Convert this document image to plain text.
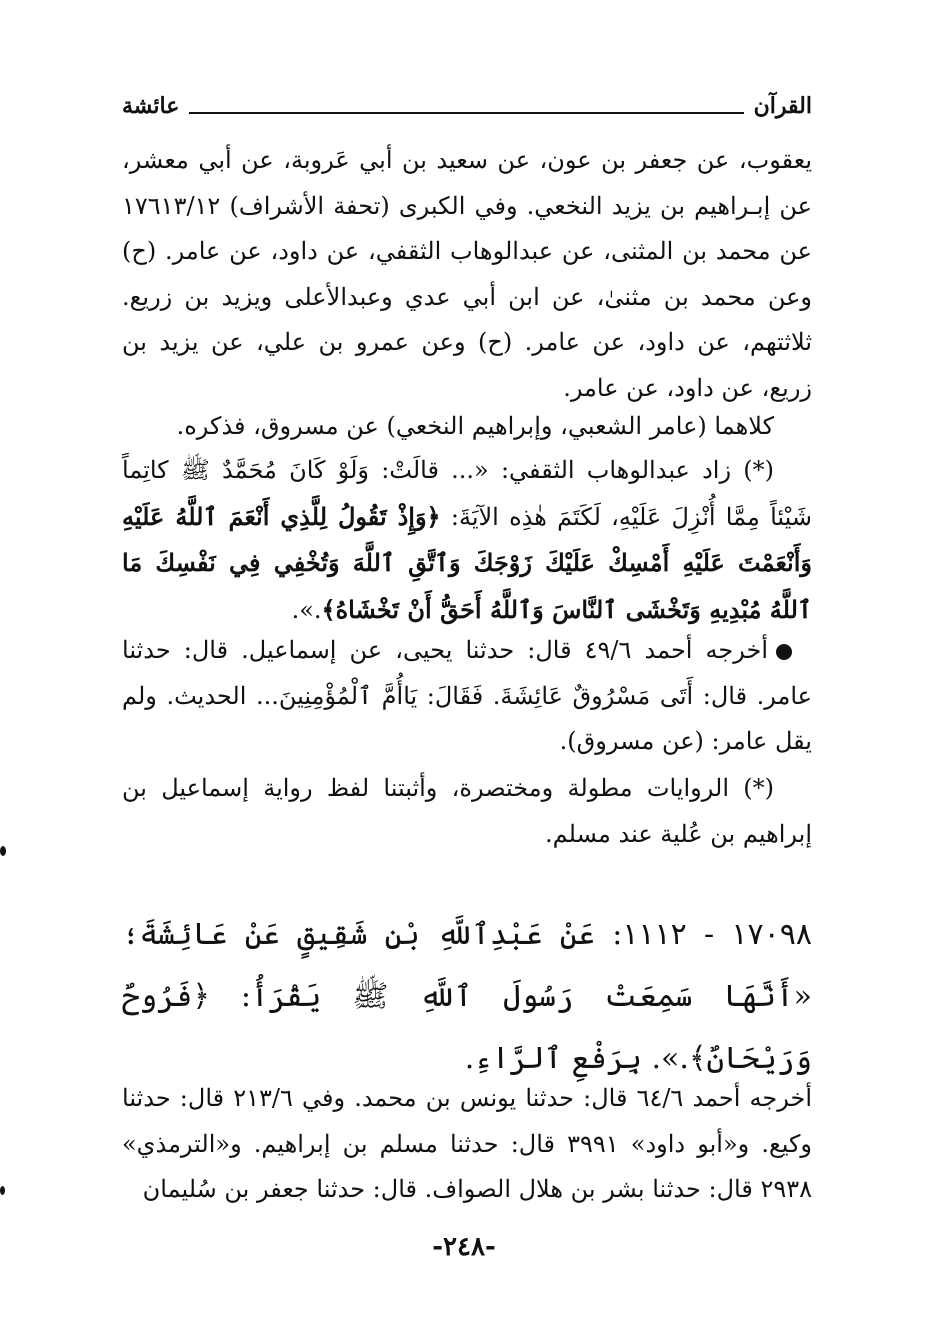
القرآن
عائشة

يعقوب، عن جعفر بن عون، عن سعيد بن أبي عَروبة، عن أبي معشر، عن إبـراهيم بن يزيد النخعي. وفي الكبرى (تحفة الأشراف) ١٧٦١٣/١٢ عن محمد بن المثنى، عن عبدالوهاب الثقفي، عن داود، عن عامر. (ح) وعن محمد بن مثنىٰ، عن ابن أبي عدي وعبدالأعلى ويزيد بن زريع. ثلاثتهم، عن داود، عن عامر. (ح) وعن عمرو بن علي، عن يزيد بن زريع، عن داود، عن عامر.

كلاهما (عامر الشعبي، وإبراهيم النخعي) عن مسروق، فذكره.

(*) زاد عبدالوهاب الثقفي: «... قالَتْ: وَلَوْ كَانَ مُحَمَّدٌ ﷺ كاتِماً شَيْئاً مِمَّا أُنْزِلَ عَلَيْهِ، لَكَتَمَ هٰذِه الآيَةَ: ﴿وَإِذْ تَقُولُ لِلَّذِي أَنْعَمَ ٱللَّهُ عَلَيْهِ وَأَنْعَمْتَ عَلَيْهِ أَمْسِكْ عَلَيْكَ زَوْجَكَ وَٱتَّقِ ٱللَّهَ وَتُخْفِي فِي نَفْسِكَ مَا ٱللَّهُ مُبْدِيهِ وَتَخْشَى ٱلنَّاسَ وَٱللَّهُ أَحَقُّ أَنْ تَخْشَاهُ﴾.».

أخرجه أحمد ٤٩/٦ قال: حدثنا يحيى، عن إسماعيل. قال: حدثنا عامر. قال: أَتَى مَسْرُوقٌ عَائِشَةَ. فَقَالَ: يَاأُمَّ ٱلْمُؤْمِنِينَ... الحديث. ولم يقل عامر: (عن مسروق).

(*) الروايات مطولة ومختصرة، وأثبتنا لفظ رواية إسماعيل بن إبراهيم بن عُلية عند مسلم.

١٧٠٩٨ - ١١١٢: عَنْ عَبْدِٱللَّهِ بْنِ شَقِيقٍ عَنْ عَائِشَةَ؛ «أَنَّهَا سَمِعَتْ رَسُولَ ٱللَّهِ ﷺ يَقْرَأُ: ﴿فَرُوحٌ وَرَيْحَانٌ﴾.». بِرَفْعِ ٱلرَّاءِ.

أخرجه أحمد ٦٤/٦ قال: حدثنا يونس بن محمد. وفي ٢١٣/٦ قال: حدثنا وكيع. و«أبو داود» ٣٩٩١ قال: حدثنا مسلم بن إبراهيم. و«الترمذي» ٢٩٣٨ قال: حدثنا بشر بن هلال الصواف. قال: حدثنا جعفر بن سُليمان

-٢٤٨-
